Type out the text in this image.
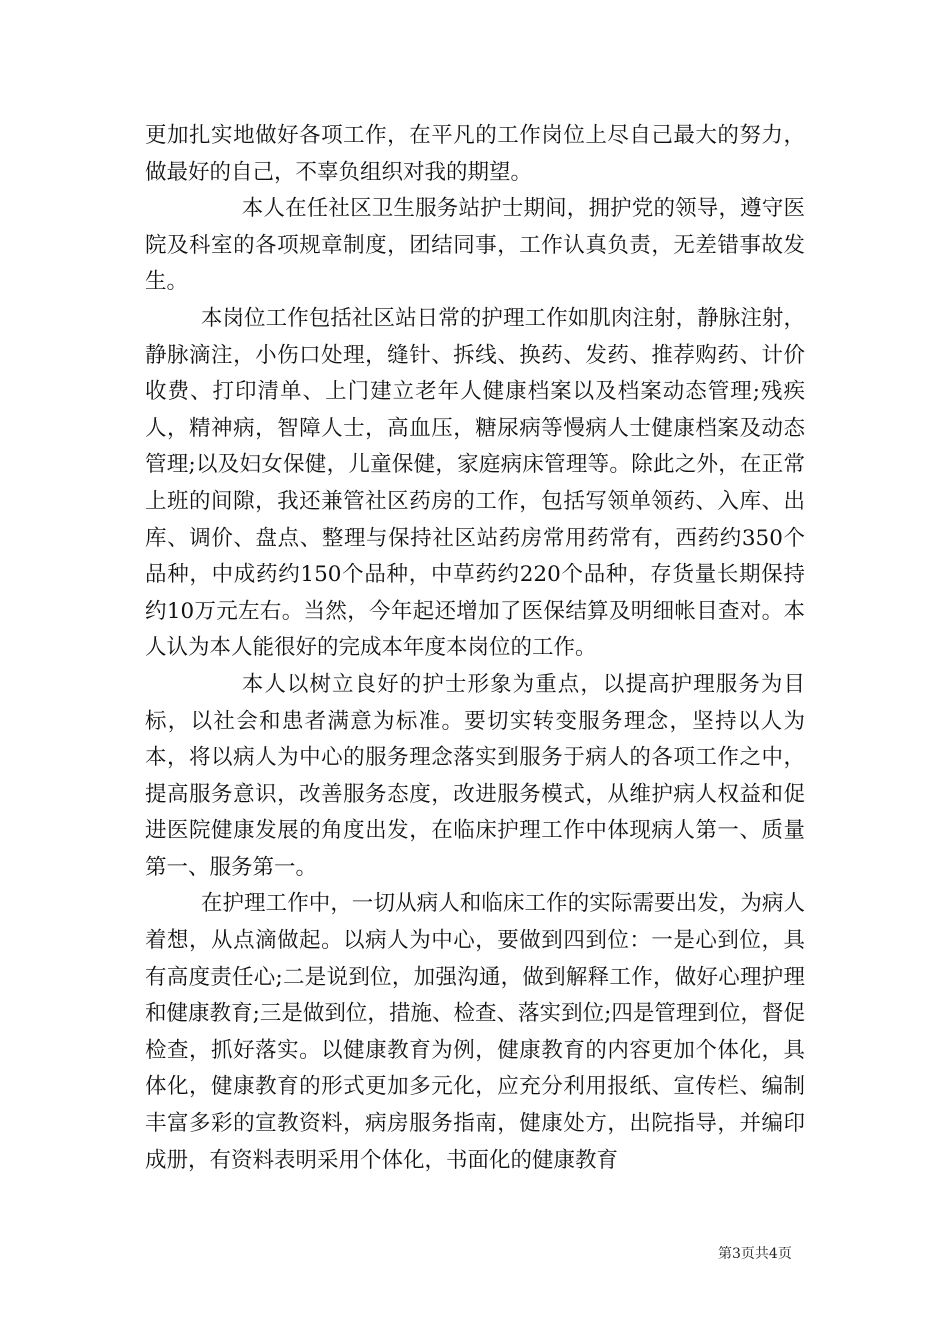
更加扎实地做好各项工作，在平凡的工作岗位上尽自己最大的努力，做最好的自己，不辜负组织对我的期望。

本人在任社区卫生服务站护士期间，拥护党的领导，遵守医院及科室的各项规章制度，团结同事，工作认真负责，无差错事故发生。

本岗位工作包括社区站日常的护理工作如肌肉注射，静脉注射，静脉滴注，小伤口处理，缝针、拆线、换药、发药、推荐购药、计价收费、打印清单、上门建立老年人健康档案以及档案动态管理;残疾人，精神病，智障人士，高血压，糖尿病等慢病人士健康档案及动态管理;以及妇女保健，儿童保健，家庭病床管理等。除此之外，在正常上班的间隙，我还兼管社区药房的工作，包括写领单领药、入库、出库、调价、盘点、整理与保持社区站药房常用药常有，西药约350个品种，中成药约150个品种，中草药约220个品种，存货量长期保持约10万元左右。当然，今年起还增加了医保结算及明细帐目查对。本人认为本人能很好的完成本年度本岗位的工作。

本人以树立良好的护士形象为重点，以提高护理服务为目标，以社会和患者满意为标准。要切实转变服务理念，坚持以人为本，将以病人为中心的服务理念落实到服务于病人的各项工作之中，提高服务意识，改善服务态度，改进服务模式，从维护病人权益和促进医院健康发展的角度出发，在临床护理工作中体现病人第一、质量第一、服务第一。

在护理工作中，一切从病人和临床工作的实际需要出发，为病人着想，从点滴做起。以病人为中心，要做到四到位：一是心到位，具有高度责任心;二是说到位，加强沟通，做到解释工作，做好心理护理和健康教育;三是做到位，措施、检查、落实到位;四是管理到位，督促检查，抓好落实。以健康教育为例，健康教育的内容更加个体化，具体化，健康教育的形式更加多元化，应充分利用报纸、宣传栏、编制丰富多彩的宣教资料，病房服务指南，健康处方，出院指导，并编印成册，有资料表明采用个体化，书面化的健康教育

第3页共4页
